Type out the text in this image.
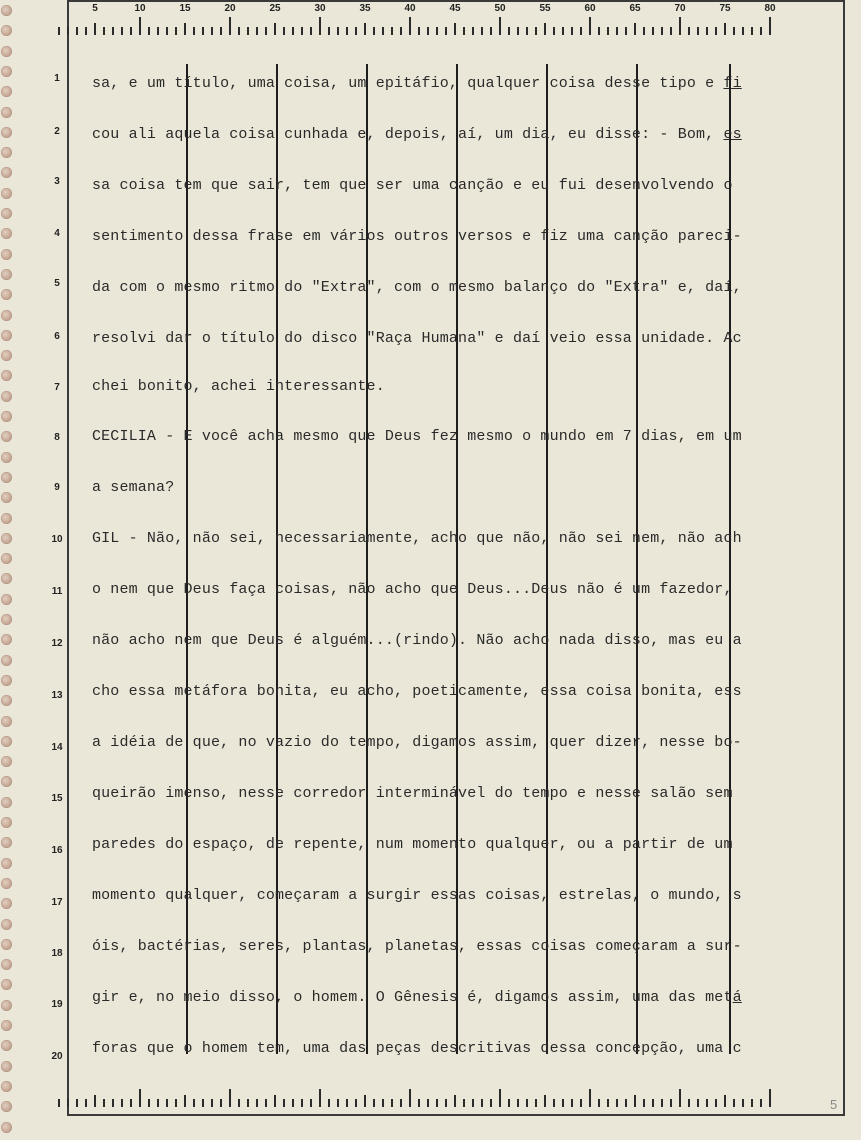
5	10	15	20	25	30	35	40	45	50	55	60	65	70	75	80
1
2
3
4
5
6
7
8
9
10
11
12
13
14
15
16
17
18
19
20
sa, e um título, uma coisa, um epitáfio, qualquer coisa desse tipo e fi
cou ali aquela coisa cunhada e, depois, aí, um dia, eu disse: - Bom, es
sa coisa tem que sair, tem que ser uma canção e eu fui desenvolvendo o
sentimento dessa frase em vários outros versos e fiz uma canção pareci-
da com o mesmo ritmo do "Extra", com o mesmo balanço do "Extra" e, daí,
resolvi dar o título do disco "Raça Humana" e daí veio essa unidade. Ac
chei bonito, achei interessante.
CECILIA - E você acha mesmo que Deus fez mesmo o mundo em 7 dias, em um
a semana?
GIL - Não, não sei, necessariamente, acho que não, não sei nem, não ach
o nem que Deus faça coisas, não acho que Deus...Deus não é um fazedor,
não acho nem que Deus é alguém...(rindo). Não acho nada disso, mas eu a
cho essa metáfora bonita, eu acho, poeticamente, essa coisa bonita, ess
a idéia de que, no vazio do tempo, digamos assim, quer dizer, nesse bo-
queirão imenso, nesse corredor interminável do tempo e nesse salão sem
paredes do espaço, de repente, num momento qualquer, ou a partir de um
momento qualquer, começaram a surgir essas coisas, estrelas, o mundo, s
óis, bactérias, seres, plantas, planetas, essas coisas começaram a sur-
gir e, no meio disso, o homem. O Gênesis é, digamos assim, uma das metá
foras que o homem tem, uma das peças descritivas dessa concepção, uma c
5
